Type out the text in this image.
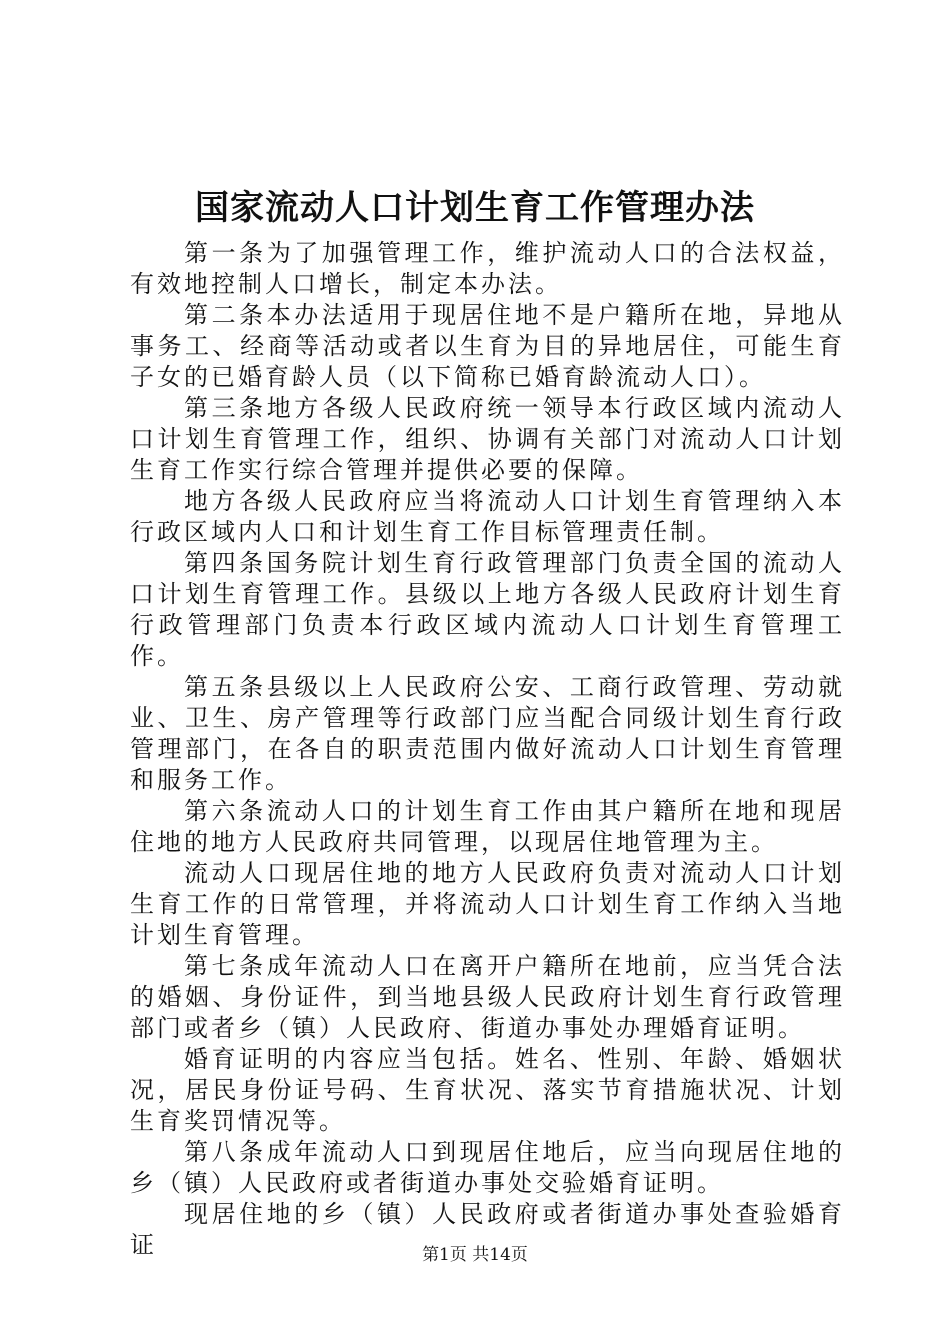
国家流动人口计划生育工作管理办法

第一条为了加强管理工作，维护流动人口的合法权益，有效地控制人口增长，制定本办法。

第二条本办法适用于现居住地不是户籍所在地，异地从事务工、经商等活动或者以生育为目的异地居住，可能生育子女的已婚育龄人员（以下简称已婚育龄流动人口）。

第三条地方各级人民政府统一领导本行政区域内流动人口计划生育管理工作，组织、协调有关部门对流动人口计划生育工作实行综合管理并提供必要的保障。

地方各级人民政府应当将流动人口计划生育管理纳入本行政区域内人口和计划生育工作目标管理责任制。

第四条国务院计划生育行政管理部门负责全国的流动人口计划生育管理工作。县级以上地方各级人民政府计划生育行政管理部门负责本行政区域内流动人口计划生育管理工作。

第五条县级以上人民政府公安、工商行政管理、劳动就业、卫生、房产管理等行政部门应当配合同级计划生育行政管理部门，在各自的职责范围内做好流动人口计划生育管理和服务工作。

第六条流动人口的计划生育工作由其户籍所在地和现居住地的地方人民政府共同管理，以现居住地管理为主。

流动人口现居住地的地方人民政府负责对流动人口计划生育工作的日常管理，并将流动人口计划生育工作纳入当地计划生育管理。

第七条成年流动人口在离开户籍所在地前，应当凭合法的婚姻、身份证件，到当地县级人民政府计划生育行政管理部门或者乡（镇）人民政府、街道办事处办理婚育证明。

婚育证明的内容应当包括。姓名、性别、年龄、婚姻状况，居民身份证号码、生育状况、落实节育措施状况、计划生育奖罚情况等。

第八条成年流动人口到现居住地后，应当向现居住地的乡（镇）人民政府或者街道办事处交验婚育证明。

现居住地的乡（镇）人民政府或者街道办事处查验婚育证	第1页 共14页
